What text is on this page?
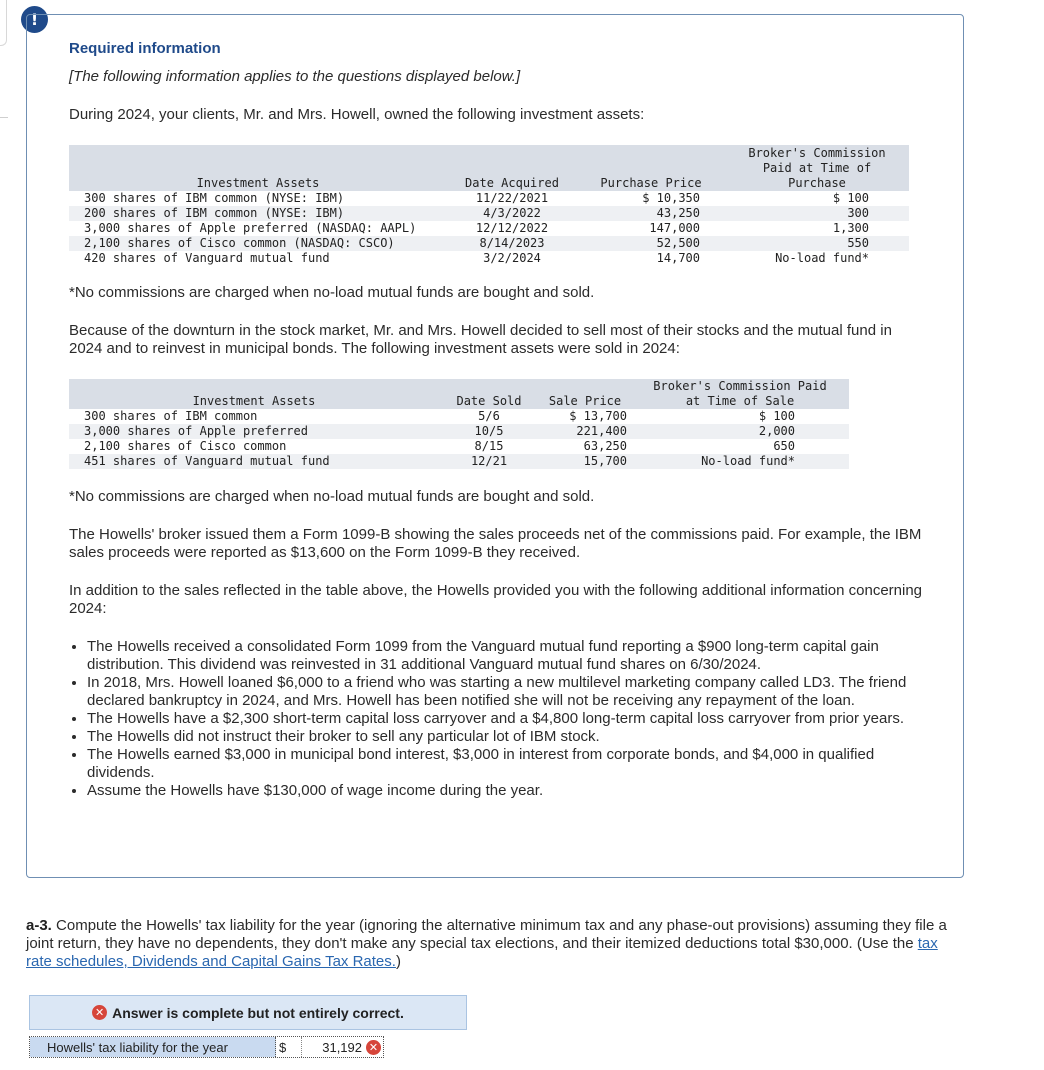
!

Required information

[The following information applies to the questions displayed below.]

During 2024, your clients, Mr. and Mrs. Howell, owned the following investment assets:

Investment Assets	Date Acquired	Purchase Price	Broker's Commission
Paid at Time of
Purchase

300 shares of IBM common (NYSE: IBM)	11/22/2021	$ 10,350	$ 100
200 shares of IBM common (NYSE: IBM)	4/3/2022	43,250	300
3,000 shares of Apple preferred (NASDAQ: AAPL)	12/12/2022	147,000	1,300
2,100 shares of Cisco common (NASDAQ: CSCO)	8/14/2023	52,500	550
420 shares of Vanguard mutual fund	3/2/2024	14,700	No-load fund*

*No commissions are charged when no-load mutual funds are bought and sold.

Because of the downturn in the stock market, Mr. and Mrs. Howell decided to sell most of their stocks and the mutual fund in 2024 and to reinvest in municipal bonds. The following investment assets were sold in 2024:

Investment Assets	Date Sold	Sale Price	Broker's Commission Paid
at Time of Sale

300 shares of IBM common	5/6	$ 13,700	$ 100
3,000 shares of Apple preferred	10/5	221,400	2,000
2,100 shares of Cisco common	8/15	63,250	650
451 shares of Vanguard mutual fund	12/21	15,700	No-load fund*

*No commissions are charged when no-load mutual funds are bought and sold.

The Howells' broker issued them a Form 1099-B showing the sales proceeds net of the commissions paid. For example, the IBM sales proceeds were reported as $13,600 on the Form 1099-B they received.

In addition to the sales reflected in the table above, the Howells provided you with the following additional information concerning 2024:

• The Howells received a consolidated Form 1099 from the Vanguard mutual fund reporting a $900 long-term capital gain distribution. This dividend was reinvested in 31 additional Vanguard mutual fund shares on 6/30/2024.
• In 2018, Mrs. Howell loaned $6,000 to a friend who was starting a new multilevel marketing company called LD3. The friend declared bankruptcy in 2024, and Mrs. Howell has been notified she will not be receiving any repayment of the loan.
• The Howells have a $2,300 short-term capital loss carryover and a $4,800 long-term capital loss carryover from prior years.
• The Howells did not instruct their broker to sell any particular lot of IBM stock.
• The Howells earned $3,000 in municipal bond interest, $3,000 in interest from corporate bonds, and $4,000 in qualified dividends.
• Assume the Howells have $130,000 of wage income during the year.

a-3. Compute the Howells' tax liability for the year (ignoring the alternative minimum tax and any phase-out provisions) assuming they file a joint return, they have no dependents, they don't make any special tax elections, and their itemized deductions total $30,000. (Use the tax rate schedules, Dividends and Capital Gains Tax Rates.)

✕ Answer is complete but not entirely correct.
Howells' tax liability for the year	$	31,192 ✕
